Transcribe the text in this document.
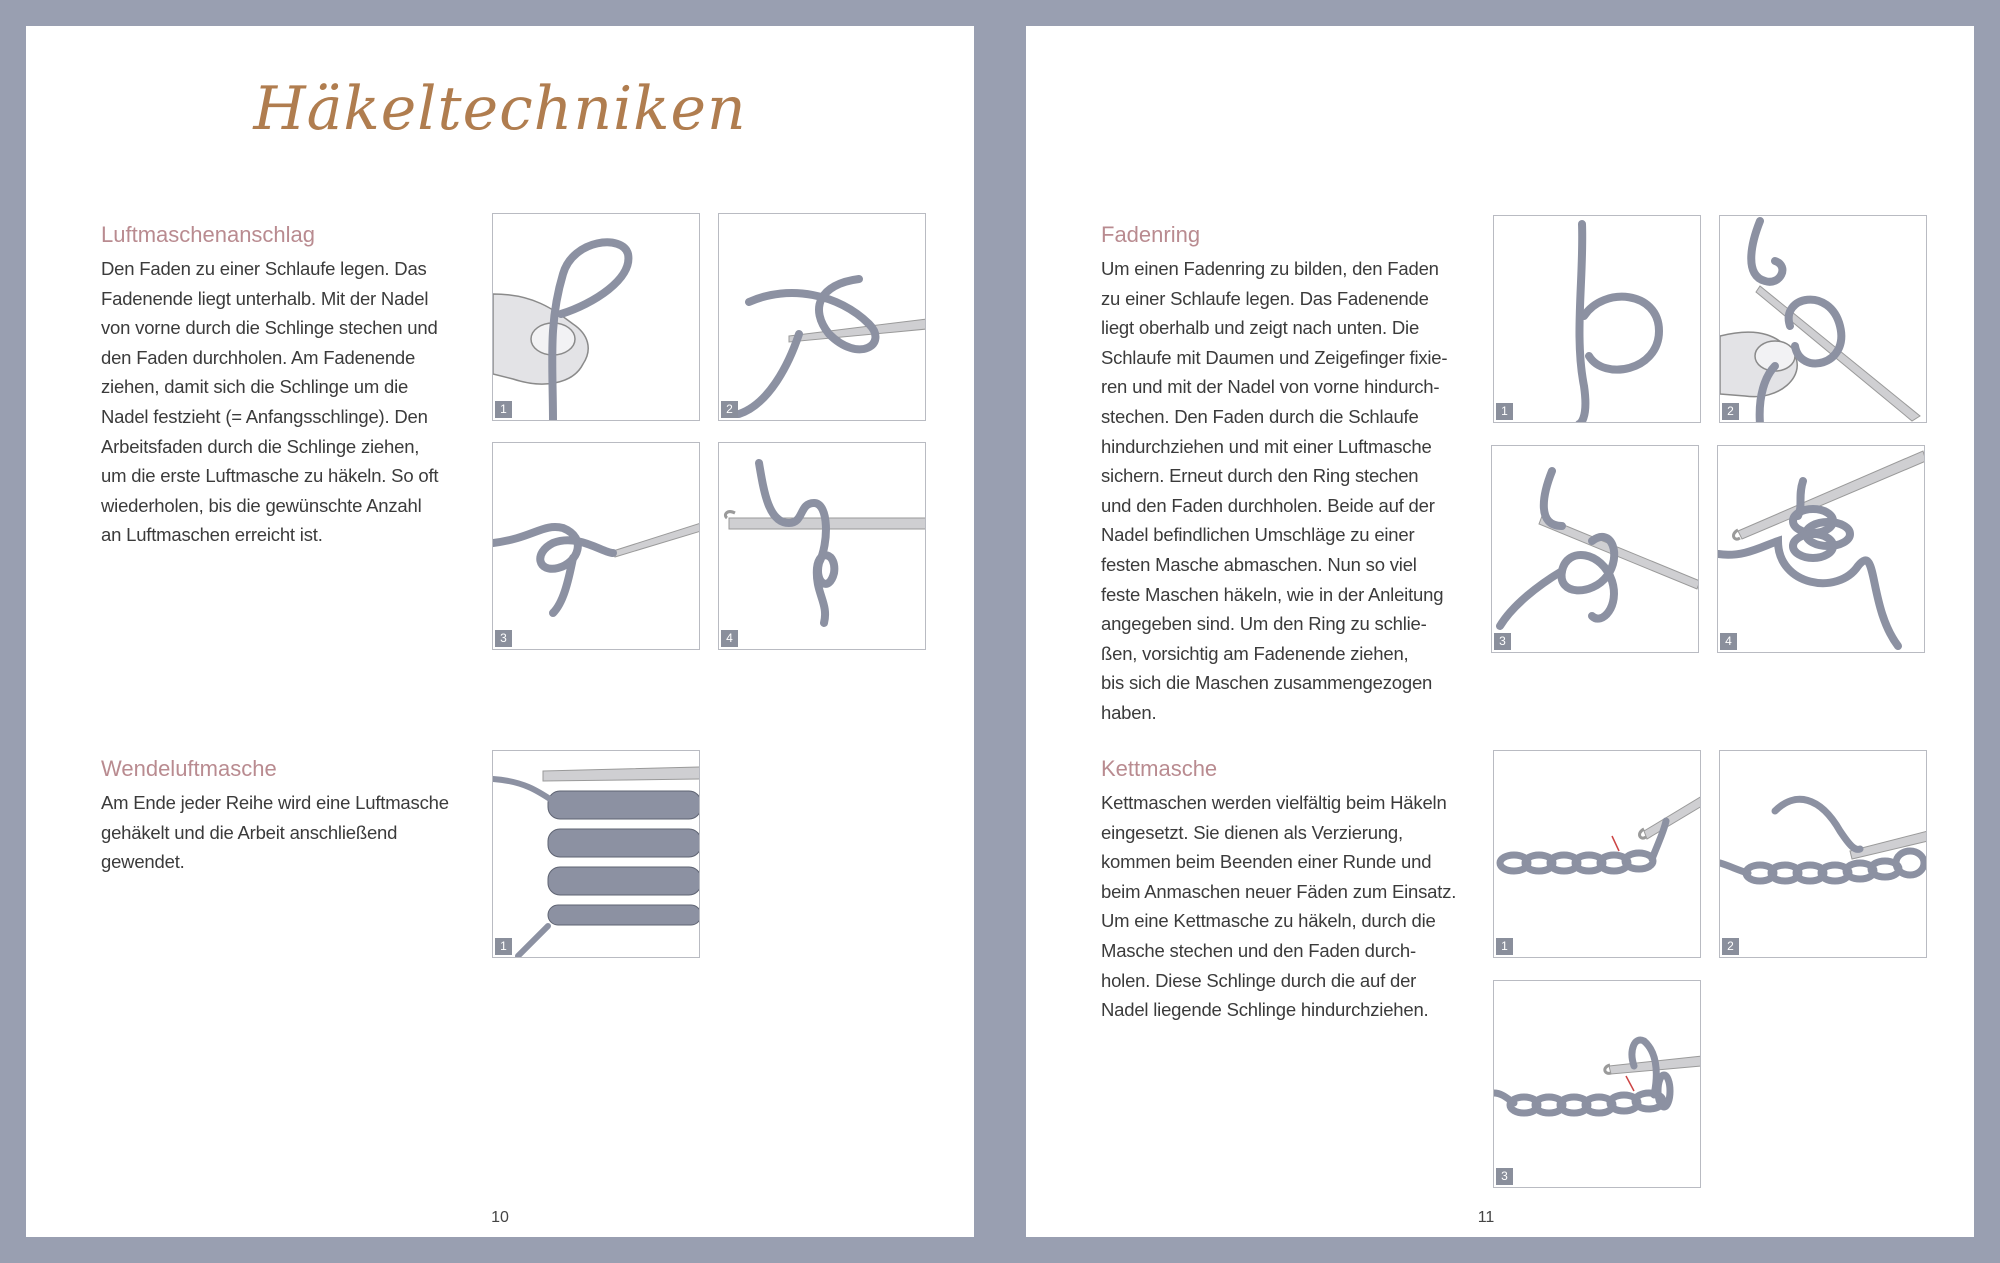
Häkeltechniken
Luftmaschenanschlag

Den Faden zu einer Schlaufe legen. Das
Fadenende liegt unterhalb. Mit der Nadel
von vorne durch die Schlinge stechen und
den Faden durchholen. Am Fadenende
ziehen, damit sich die Schlinge um die
Nadel festzieht (= Anfangsschlinge). Den
Arbeitsfaden durch die Schlinge ziehen,
um die erste Luftmasche zu häkeln. So oft
wiederholen, bis die gewünschte Anzahl
an Luftmaschen erreicht ist.

1	2
3	4
Wendeluftmasche

Am Ende jeder Reihe wird eine Luftmasche
gehäkelt und die Arbeit anschließend
gewendet.

1
10
Fadenring

Um einen Fadenring zu bilden, den Faden
zu einer Schlaufe legen. Das Fadenende
liegt oberhalb und zeigt nach unten. Die
Schlaufe mit Daumen und Zeigefinger fixie-
ren und mit der Nadel von vorne hindurch-
stechen. Den Faden durch die Schlaufe
hindurchziehen und mit einer Luftmasche
sichern. Erneut durch den Ring stechen
und den Faden durchholen. Beide auf der
Nadel befindlichen Umschläge zu einer
festen Masche abmaschen. Nun so viel
feste Maschen häkeln, wie in der Anleitung
angegeben sind. Um den Ring zu schlie-
ßen, vorsichtig am Fadenende ziehen,
bis sich die Maschen zusammengezogen
haben.

1	2
3	4
Kettmasche

Kettmaschen werden vielfältig beim Häkeln
eingesetzt. Sie dienen als Verzierung,
kommen beim Beenden einer Runde und
beim Anmaschen neuer Fäden zum Einsatz.
Um eine Kettmasche zu häkeln, durch die
Masche stechen und den Faden durch-
holen. Diese Schlinge durch die auf der
Nadel liegende Schlinge hindurchziehen.

1	2
3
11
